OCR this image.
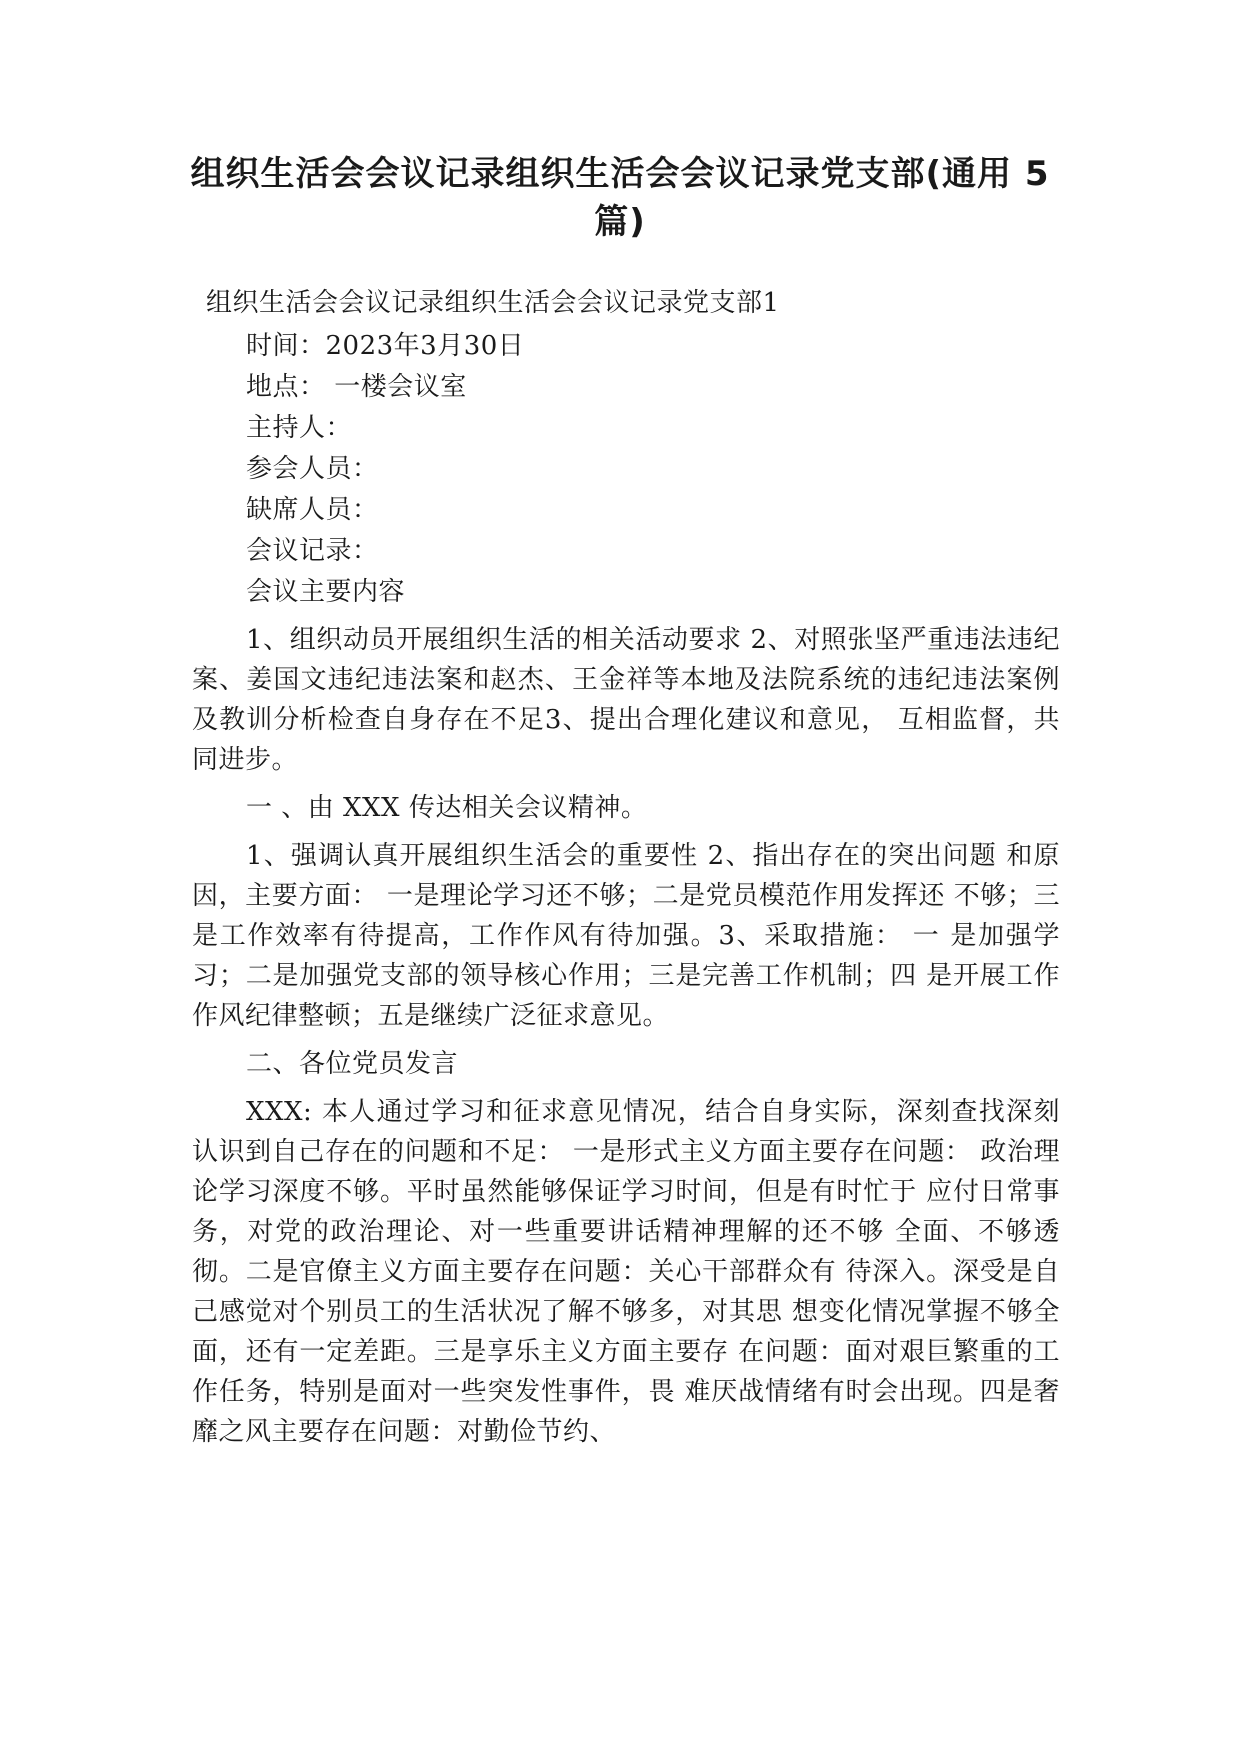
组织生活会会议记录组织生活会会议记录党支部(通用 5篇)

组织生活会会议记录组织生活会会议记录党支部1

时间：2023年3月30日

地点： 一楼会议室

主持人：

参会人员：

缺席人员：

会议记录：

会议主要内容

1、组织动员开展组织生活的相关活动要求 2、对照张坚严重违法违纪案、姜国文违纪违法案和赵杰、王金祥等本地及法院系统的违纪违法案例及教训分析检查自身存在不足3、提出合理化建议和意见， 互相监督，共同进步。

一 、由 XXX 传达相关会议精神。

1、强调认真开展组织生活会的重要性 2、指出存在的突出问题 和原因，主要方面： 一是理论学习还不够；二是党员模范作用发挥还 不够；三是工作效率有待提高，工作作风有待加强。3、采取措施： 一 是加强学习；二是加强党支部的领导核心作用；三是完善工作机制；四 是开展工作作风纪律整顿；五是继续广泛征求意见。

二、各位党员发言

XXX: 本人通过学习和征求意见情况，结合自身实际，深刻查找深刻认识到自己存在的问题和不足： 一是形式主义方面主要存在问题： 政治理论学习深度不够。平时虽然能够保证学习时间，但是有时忙于 应付日常事务，对党的政治理论、对一些重要讲话精神理解的还不够 全面、不够透彻。二是官僚主义方面主要存在问题：关心干部群众有 待深入。深受是自己感觉对个别员工的生活状况了解不够多，对其思 想变化情况掌握不够全面，还有一定差距。三是享乐主义方面主要存 在问题：面对艰巨繁重的工作任务，特别是面对一些突发性事件，畏 难厌战情绪有时会出现。四是奢靡之风主要存在问题：对勤俭节约、
